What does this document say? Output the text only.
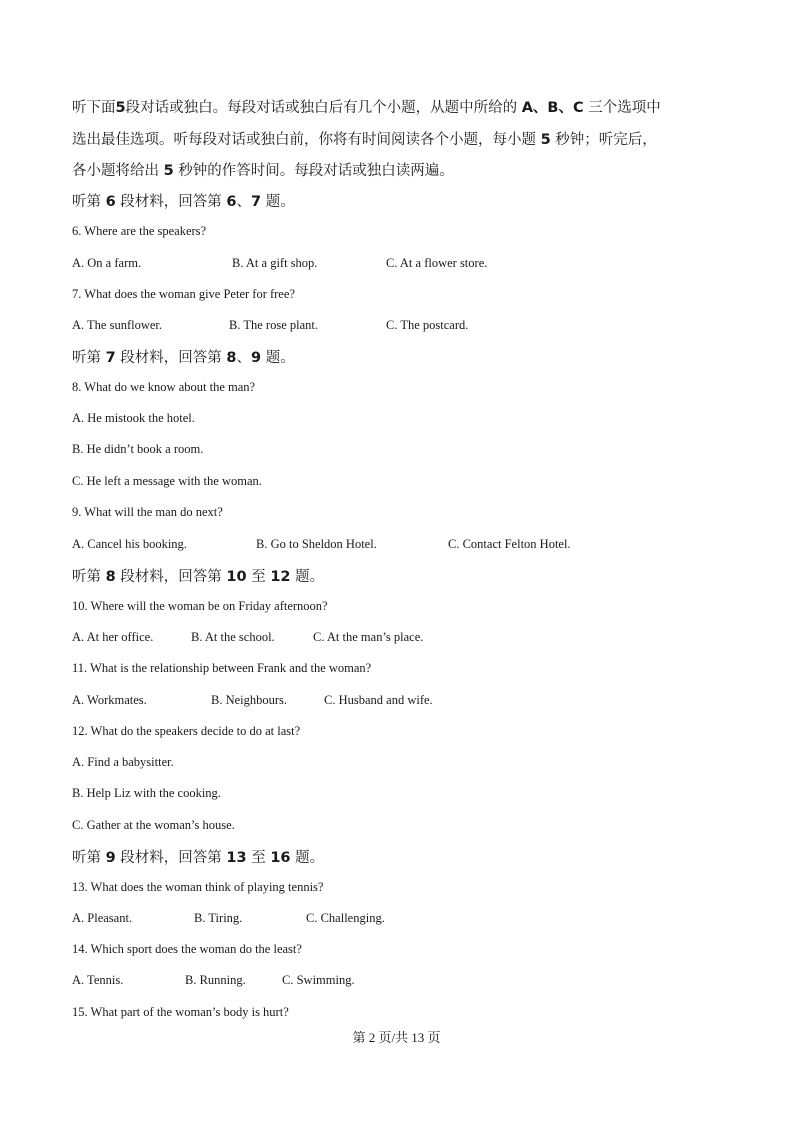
听下面5段对话或独白。每段对话或独白后有几个小题，从题中所给的 A、B、C 三个选项中
选出最佳选项。听每段对话或独白前，你将有时间阅读各个小题，每小题 5 秒钟；听完后，
各小题将给出 5 秒钟的作答时间。每段对话或独白读两遍。
听第 6 段材料，回答第 6、7 题。
6. Where are the speakers?
A. On a farm.	B. At a gift shop.	C. At a flower store.
7. What does the woman give Peter for free?
A. The sunflower.	B. The rose plant.	C. The postcard.
听第 7 段材料，回答第 8、9 题。
8. What do we know about the man?
A. He mistook the hotel.
B. He didn’t book a room.
C. He left a message with the woman.
9. What will the man do next?
A. Cancel his booking.	B. Go to Sheldon Hotel.	C. Contact Felton Hotel.
听第 8 段材料，回答第 10 至 12 题。
10. Where will the woman be on Friday afternoon?
A. At her office.	B. At the school.	C. At the man’s place.
11. What is the relationship between Frank and the woman?
A. Workmates.	B. Neighbours.	C. Husband and wife.
12. What do the speakers decide to do at last?
A. Find a babysitter.
B. Help Liz with the cooking.
C. Gather at the woman’s house.
听第 9 段材料，回答第 13 至 16 题。
13. What does the woman think of playing tennis?
A. Pleasant.	B. Tiring.	C. Challenging.
14. Which sport does the woman do the least?
A. Tennis.	B. Running.	C. Swimming.
15. What part of the woman’s body is hurt?
第 2 页/共 13 页
